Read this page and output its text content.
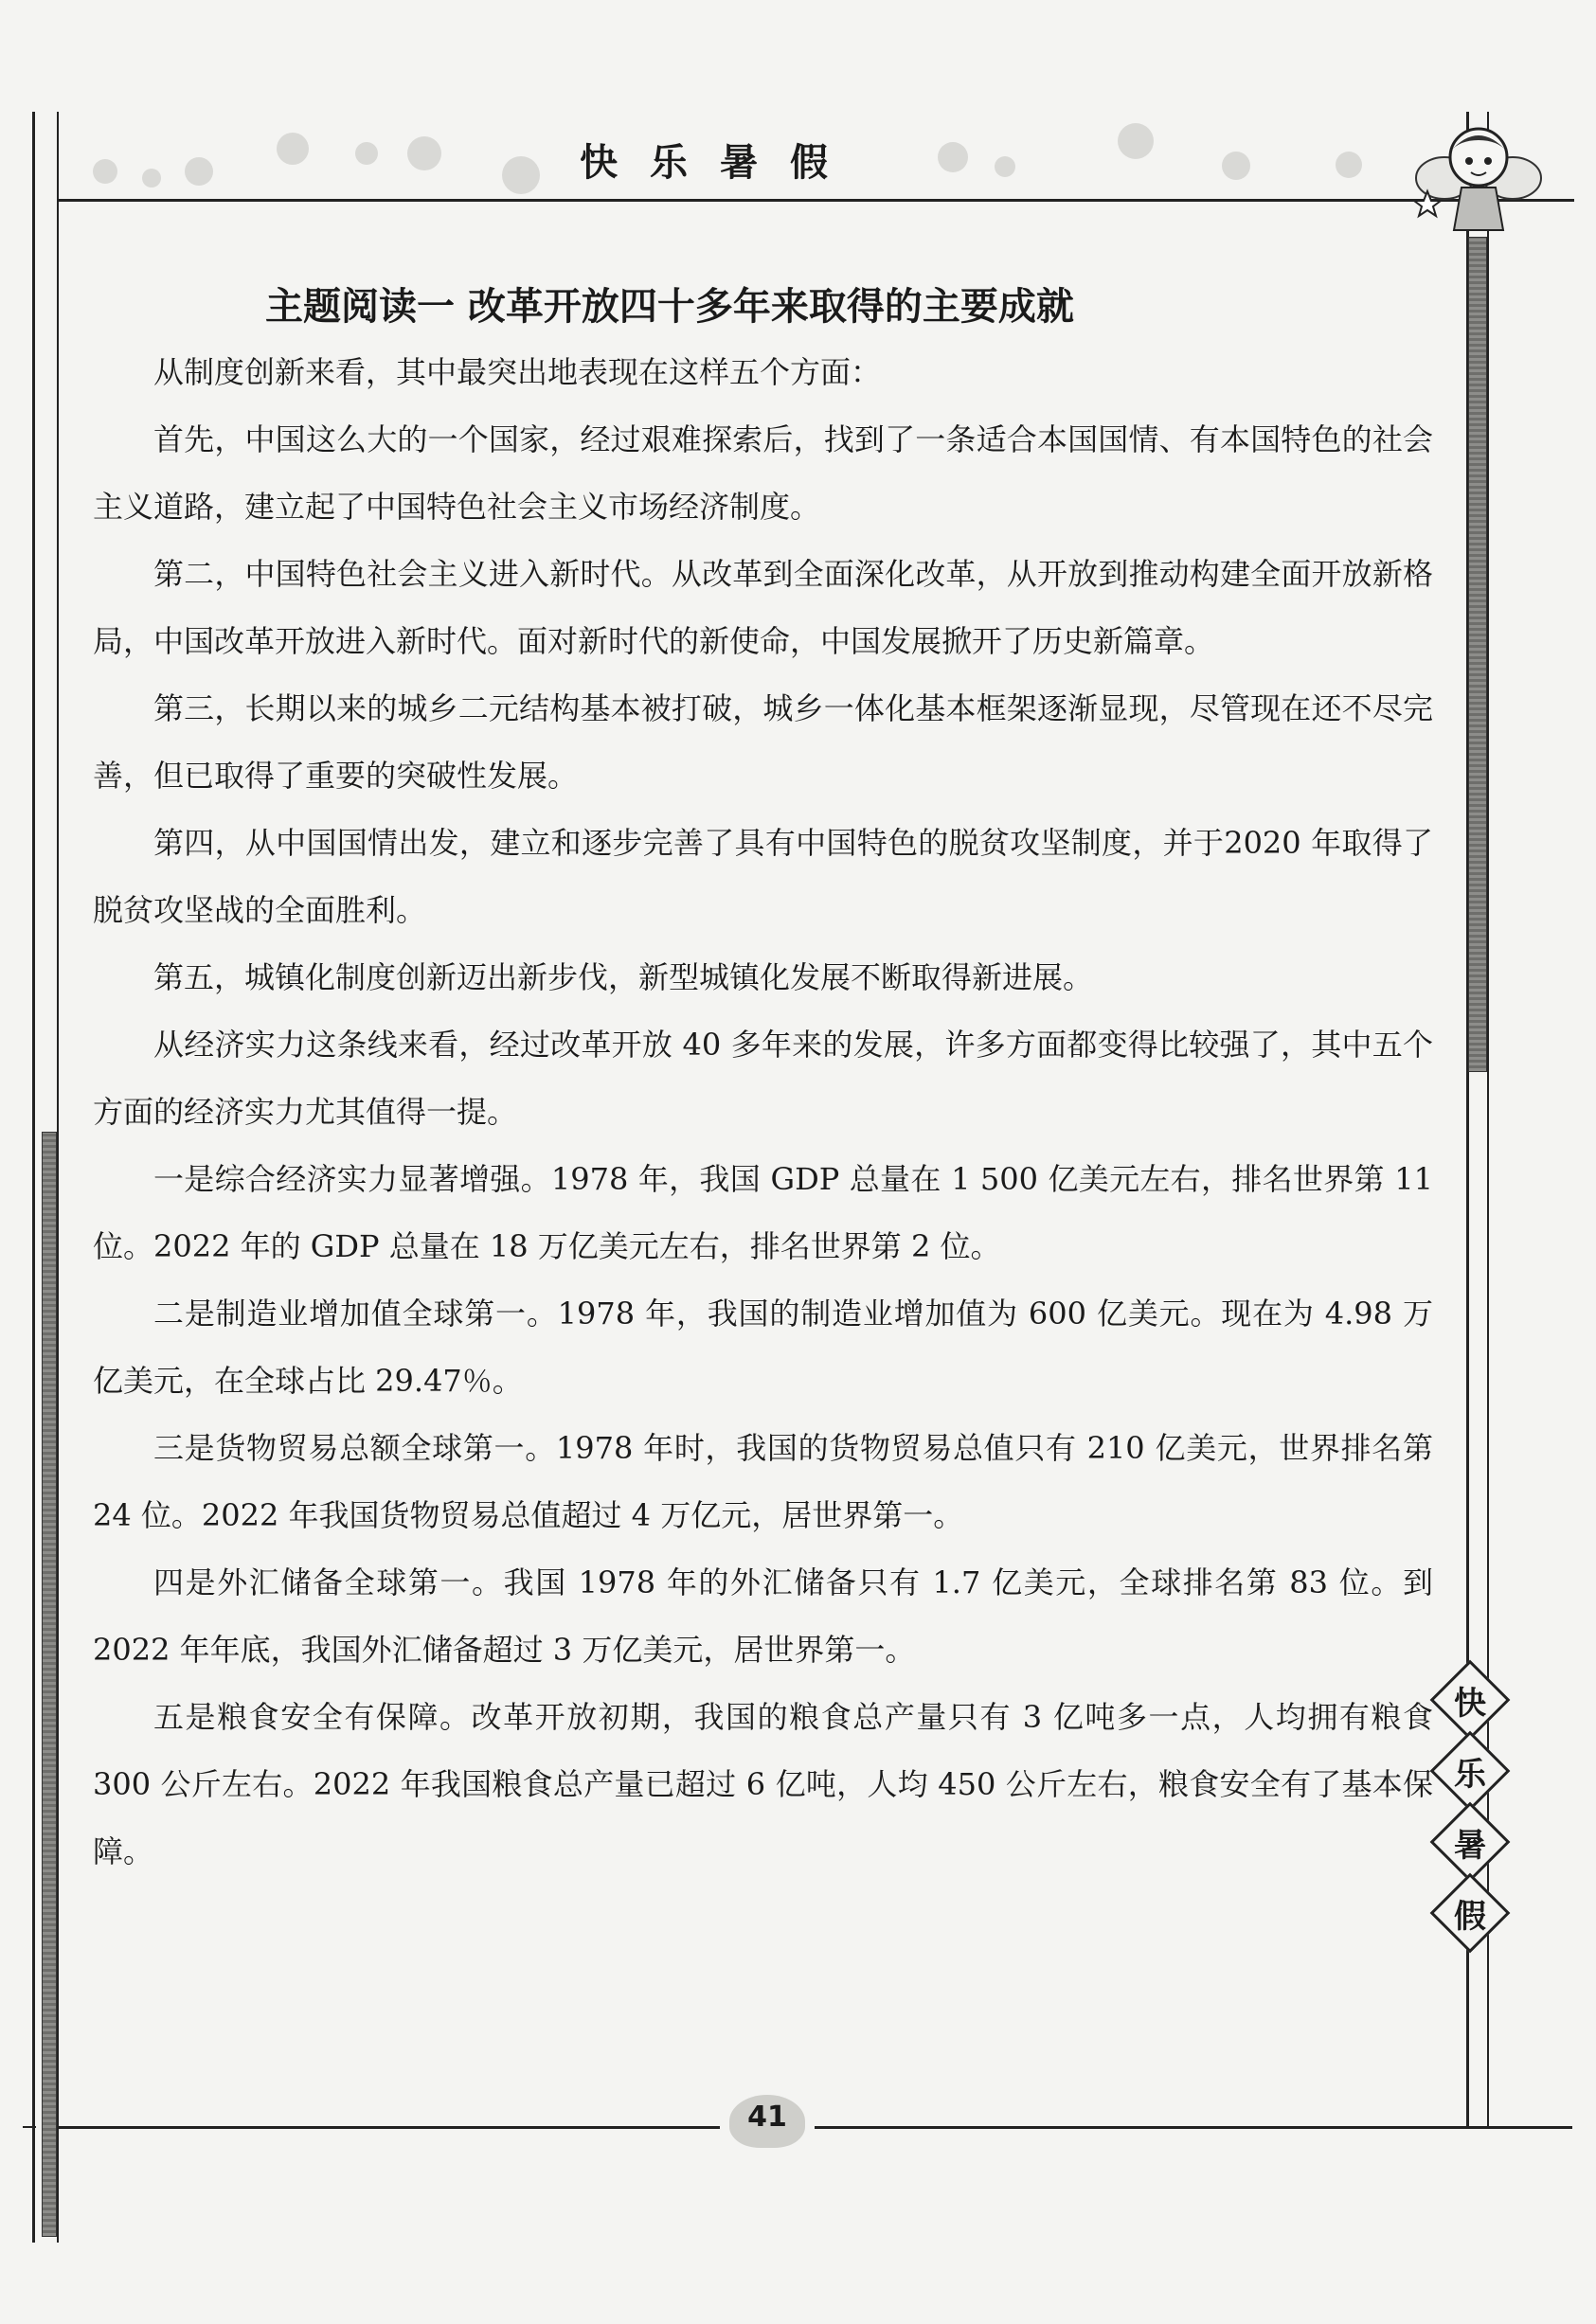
快乐暑假
主题阅读一 改革开放四十多年来取得的主要成就

从制度创新来看，其中最突出地表现在这样五个方面：

首先，中国这么大的一个国家，经过艰难探索后，找到了一条适合本国国情、有本国特色的社会主义道路，建立起了中国特色社会主义市场经济制度。

第二，中国特色社会主义进入新时代。从改革到全面深化改革，从开放到推动构建全面开放新格局，中国改革开放进入新时代。面对新时代的新使命，中国发展掀开了历史新篇章。

第三，长期以来的城乡二元结构基本被打破，城乡一体化基本框架逐渐显现，尽管现在还不尽完善，但已取得了重要的突破性发展。

第四，从中国国情出发，建立和逐步完善了具有中国特色的脱贫攻坚制度，并于2020 年取得了脱贫攻坚战的全面胜利。

第五，城镇化制度创新迈出新步伐，新型城镇化发展不断取得新进展。

从经济实力这条线来看，经过改革开放 40 多年来的发展，许多方面都变得比较强了，其中五个方面的经济实力尤其值得一提。

一是综合经济实力显著增强。1978 年，我国 GDP 总量在 1 500 亿美元左右，排名世界第 11 位。2022 年的 GDP 总量在 18 万亿美元左右，排名世界第 2 位。

二是制造业增加值全球第一。1978 年，我国的制造业增加值为 600 亿美元。现在为 4.98 万亿美元，在全球占比 29.47％。

三是货物贸易总额全球第一。1978 年时，我国的货物贸易总值只有 210 亿美元，世界排名第 24 位。2022 年我国货物贸易总值超过 4 万亿元，居世界第一。

四是外汇储备全球第一。我国 1978 年的外汇储备只有 1.7 亿美元，全球排名第 83 位。到 2022 年年底，我国外汇储备超过 3 万亿美元，居世界第一。

五是粮食安全有保障。改革开放初期，我国的粮食总产量只有 3 亿吨多一点，人均拥有粮食 300 公斤左右。2022 年我国粮食总产量已超过 6 亿吨，人均 450 公斤左右，粮食安全有了基本保障。

快
乐
暑
假
41
